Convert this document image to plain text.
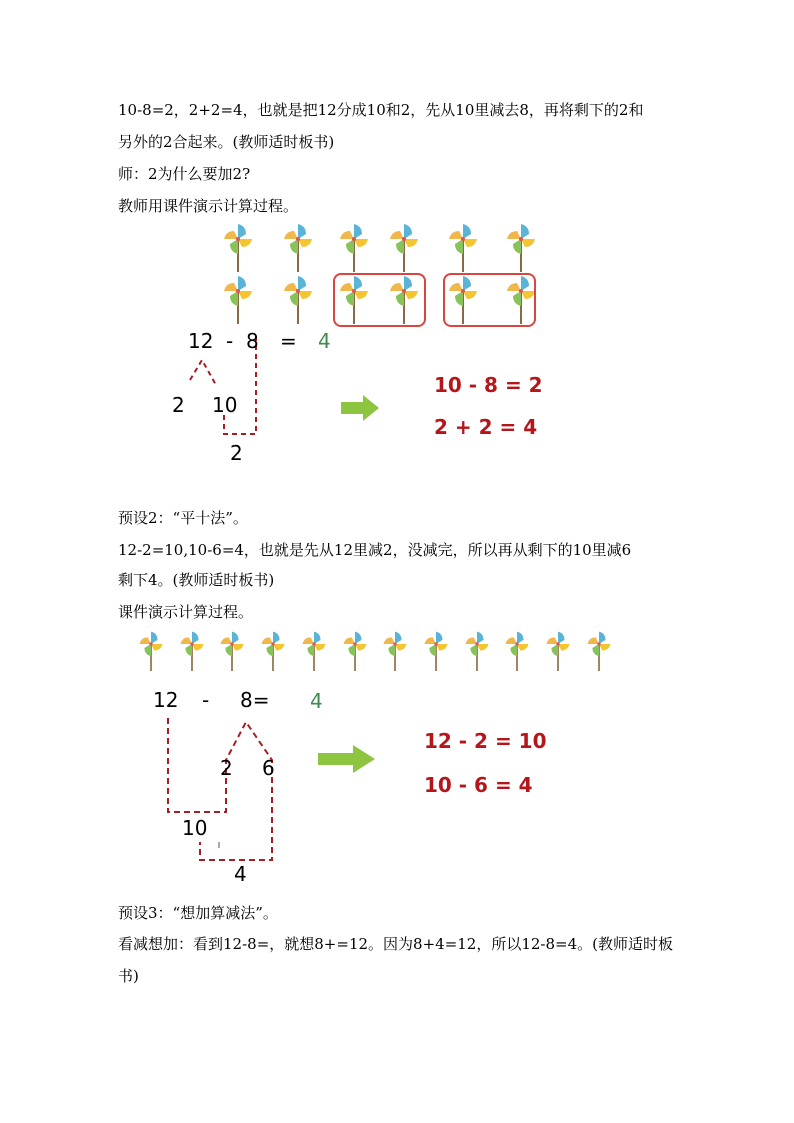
10-8=2，2+2=4，也就是把12分成10和2，先从10里减去8，再将剩下的2和
另外的2合起来。(教师适时板书)
师：2为什么要加2?
教师用课件演示计算过程。
12 - 8 = 4
2 10
2
10 - 8 = 2
2 + 2 = 4
预设2：“平十法”。
12-2=10,10-6=4，也就是先从12里减2，没减完，所以再从剩下的10里减6
剩下4。(教师适时板书)
课件演示计算过程。
12 - 8= 4
2 6
10
4
12 - 2 = 10
10 - 6 = 4
预设3：“想加算减法”。
看减想加：看到12-8=，就想8+=12。因为8+4=12，所以12-8=4。(教师适时板
书)
